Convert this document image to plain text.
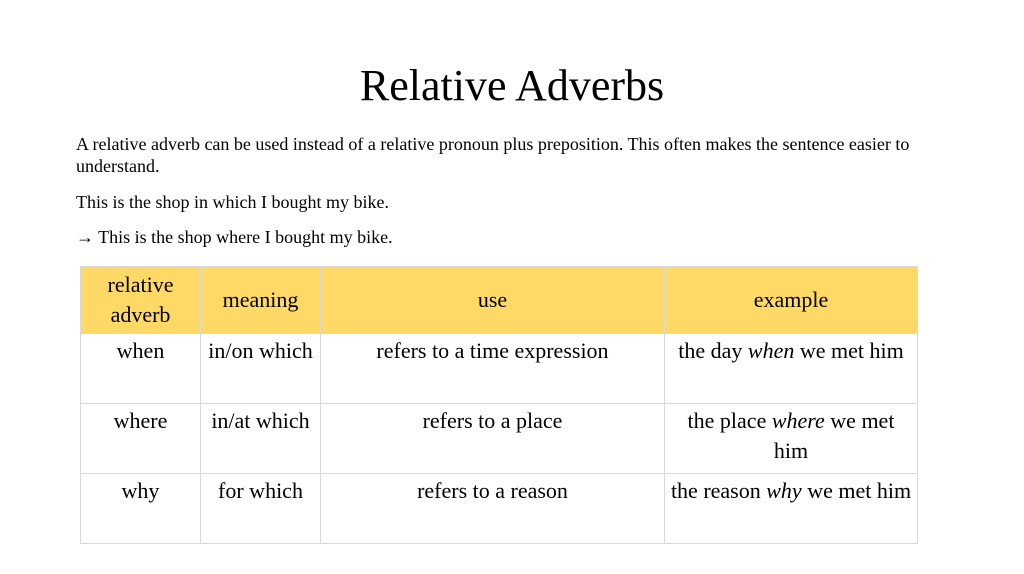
Relative Adverbs

A relative adverb can be used instead of a relative pronoun plus preposition. This often makes the sentence easier to understand.

This is the shop in which I bought my bike.

→ This is the shop where I bought my bike.

relative adverb	meaning	use	example
when	in/on which	refers to a time expression	the day when we met him
where	in/at which	refers to a place	the place where we met him
why	for which	refers to a reason	the reason why we met him
